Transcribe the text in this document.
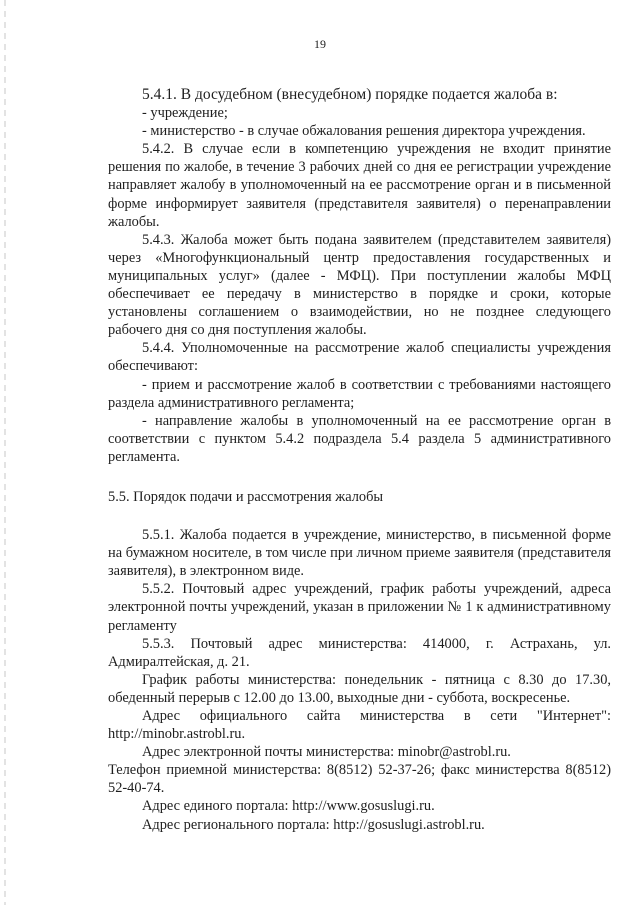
19

5.4.1. В досудебном (внесудебном) порядке подается жалоба в:

- учреждение;

- министерство - в случае обжалования решения директора учреждения.

5.4.2. В случае если в компетенцию учреждения не входит принятие решения по жалобе, в течение 3 рабочих дней со дня ее регистрации учреждение направляет жалобу в уполномоченный на ее рассмотрение орган и в письменной форме информирует заявителя (представителя заявителя) о перенаправлении жалобы.

5.4.3. Жалоба может быть подана заявителем (представителем заявителя) через «Многофункциональный центр предоставления государственных и муниципальных услуг» (далее - МФЦ). При поступлении жалобы МФЦ обеспечивает ее передачу в министерство в порядке и сроки, которые установлены соглашением о взаимодействии, но не позднее следующего рабочего дня со дня поступления жалобы.

5.4.4. Уполномоченные на рассмотрение жалоб специалисты учреждения обеспечивают:

- прием и рассмотрение жалоб в соответствии с требованиями настоящего раздела административного регламента;

- направление жалобы в уполномоченный на ее рассмотрение орган в соответствии с пунктом 5.4.2 подраздела 5.4 раздела 5 административного регламента.

5.5. Порядок подачи и рассмотрения жалобы

5.5.1. Жалоба подается в учреждение, министерство, в письменной форме на бумажном носителе, в том числе при личном приеме заявителя (представителя заявителя), в электронном виде.

5.5.2. Почтовый адрес учреждений, график работы учреждений, адреса электронной почты учреждений, указан в приложении № 1 к административному регламенту

5.5.3. Почтовый адрес министерства: 414000, г. Астрахань, ул. Адмиралтейская, д. 21.

График работы министерства: понедельник - пятница с 8.30 до 17.30, обеденный перерыв с 12.00 до 13.00, выходные дни - суббота, воскресенье.

Адрес официального сайта министерства в сети "Интернет": http://minobr.astrobl.ru.

Адрес электронной почты министерства: minobr@astrobl.ru.

Телефон приемной министерства: 8(8512) 52-37-26; факс министерства 8(8512) 52-40-74.

Адрес единого портала: http://www.gosuslugi.ru.

Адрес регионального портала: http://gosuslugi.astrobl.ru.
